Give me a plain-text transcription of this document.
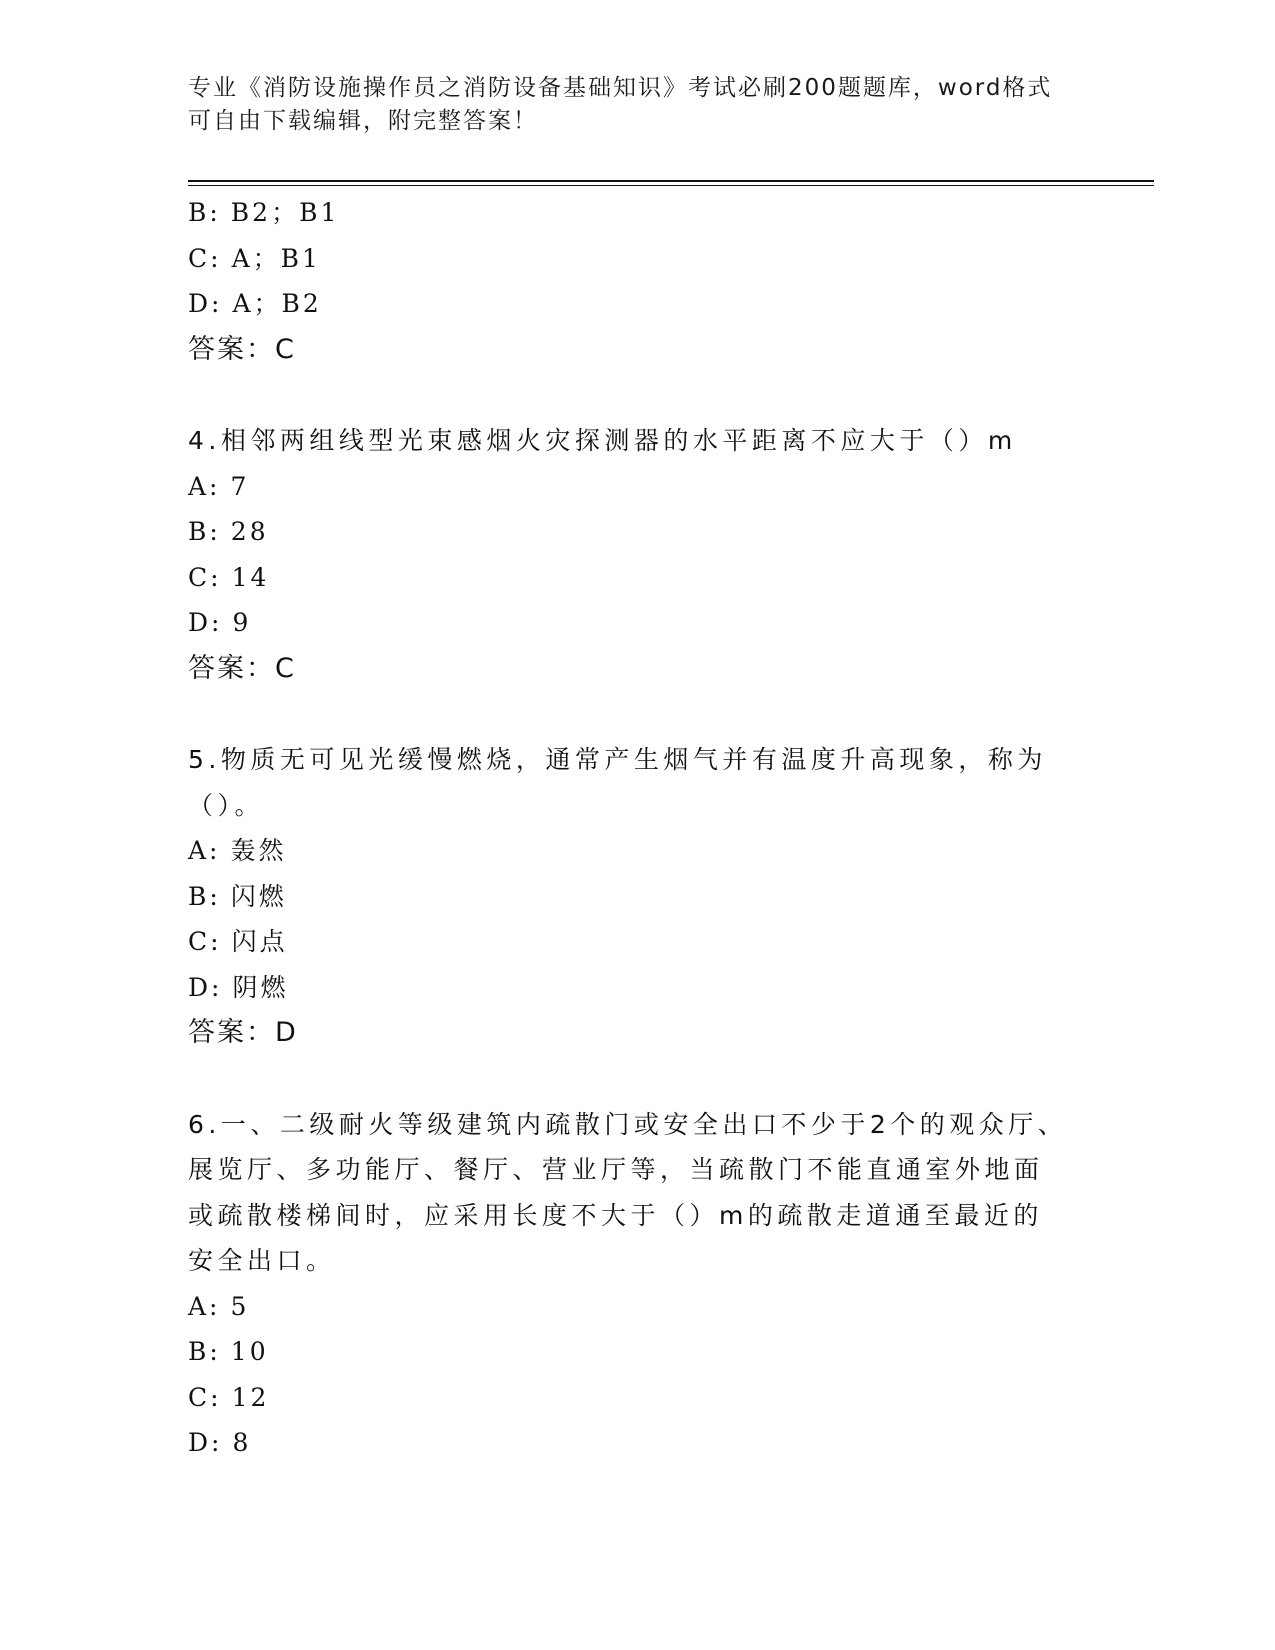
专业《消防设施操作员之消防设备基础知识》考试必刷200题题库，word格式可自由下载编辑，附完整答案！
B: B2；B1
C: A；B1
D: A；B2
答案：C
4.相邻两组线型光束感烟火灾探测器的水平距离不应大于（）m
A: 7
B: 28
C: 14
D: 9
答案：C
5.物质无可见光缓慢燃烧，通常产生烟气并有温度升高现象，称为（）。
A: 轰然
B: 闪燃
C: 闪点
D: 阴燃
答案：D
6.一、二级耐火等级建筑内疏散门或安全出口不少于2个的观众厅、展览厅、多功能厅、餐厅、营业厅等，当疏散门不能直通室外地面或疏散楼梯间时，应采用长度不大于（）m的疏散走道通至最近的安全出口。
A: 5
B: 10
C: 12
D: 8
